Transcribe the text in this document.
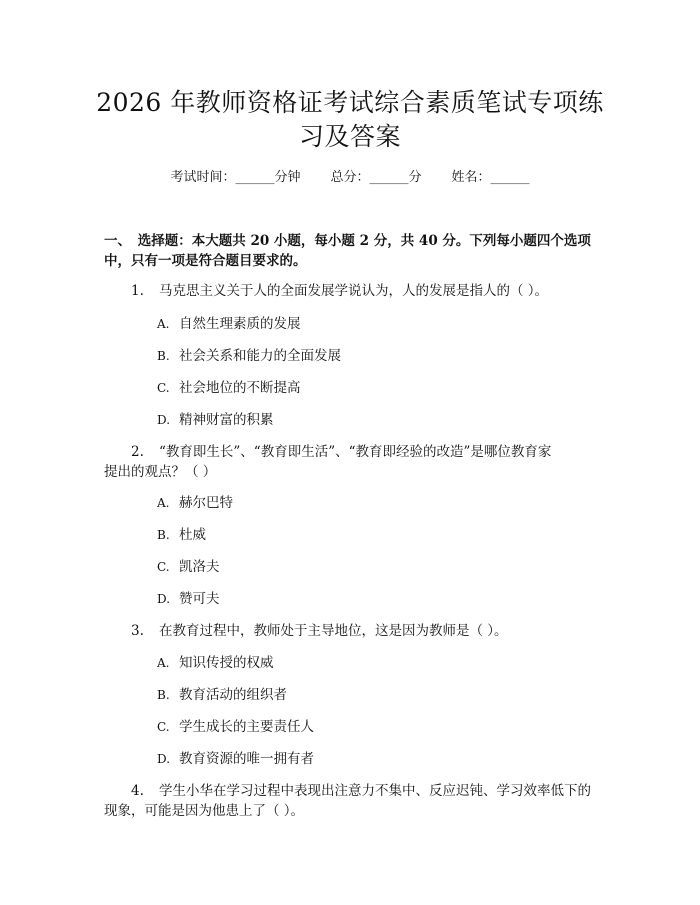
2026 年教师资格证考试综合素质笔试专项练
习及答案
考试时间：______分钟 总分：______分 姓名：______
一、　选择题：本大题共 20 小题，每小题 2 分，共 40 分。下列每小题四个选项
中，只有一项是符合题目要求的。
1. 马克思主义关于人的全面发展学说认为，人的发展是指人的（ ）。
A. 自然生理素质的发展
B. 社会关系和能力的全面发展
C. 社会地位的不断提高
D. 精神财富的积累
2. “教育即生长”、“教育即生活”、“教育即经验的改造”是哪位教育家
提出的观点？（ ）
A. 赫尔巴特
B. 杜威
C. 凯洛夫
D. 赞可夫
3. 在教育过程中，教师处于主导地位，这是因为教师是（ ）。
A. 知识传授的权威
B. 教育活动的组织者
C. 学生成长的主要责任人
D. 教育资源的唯一拥有者
4. 学生小华在学习过程中表现出注意力不集中、反应迟钝、学习效率低下的
现象，可能是因为他患上了（ ）。
